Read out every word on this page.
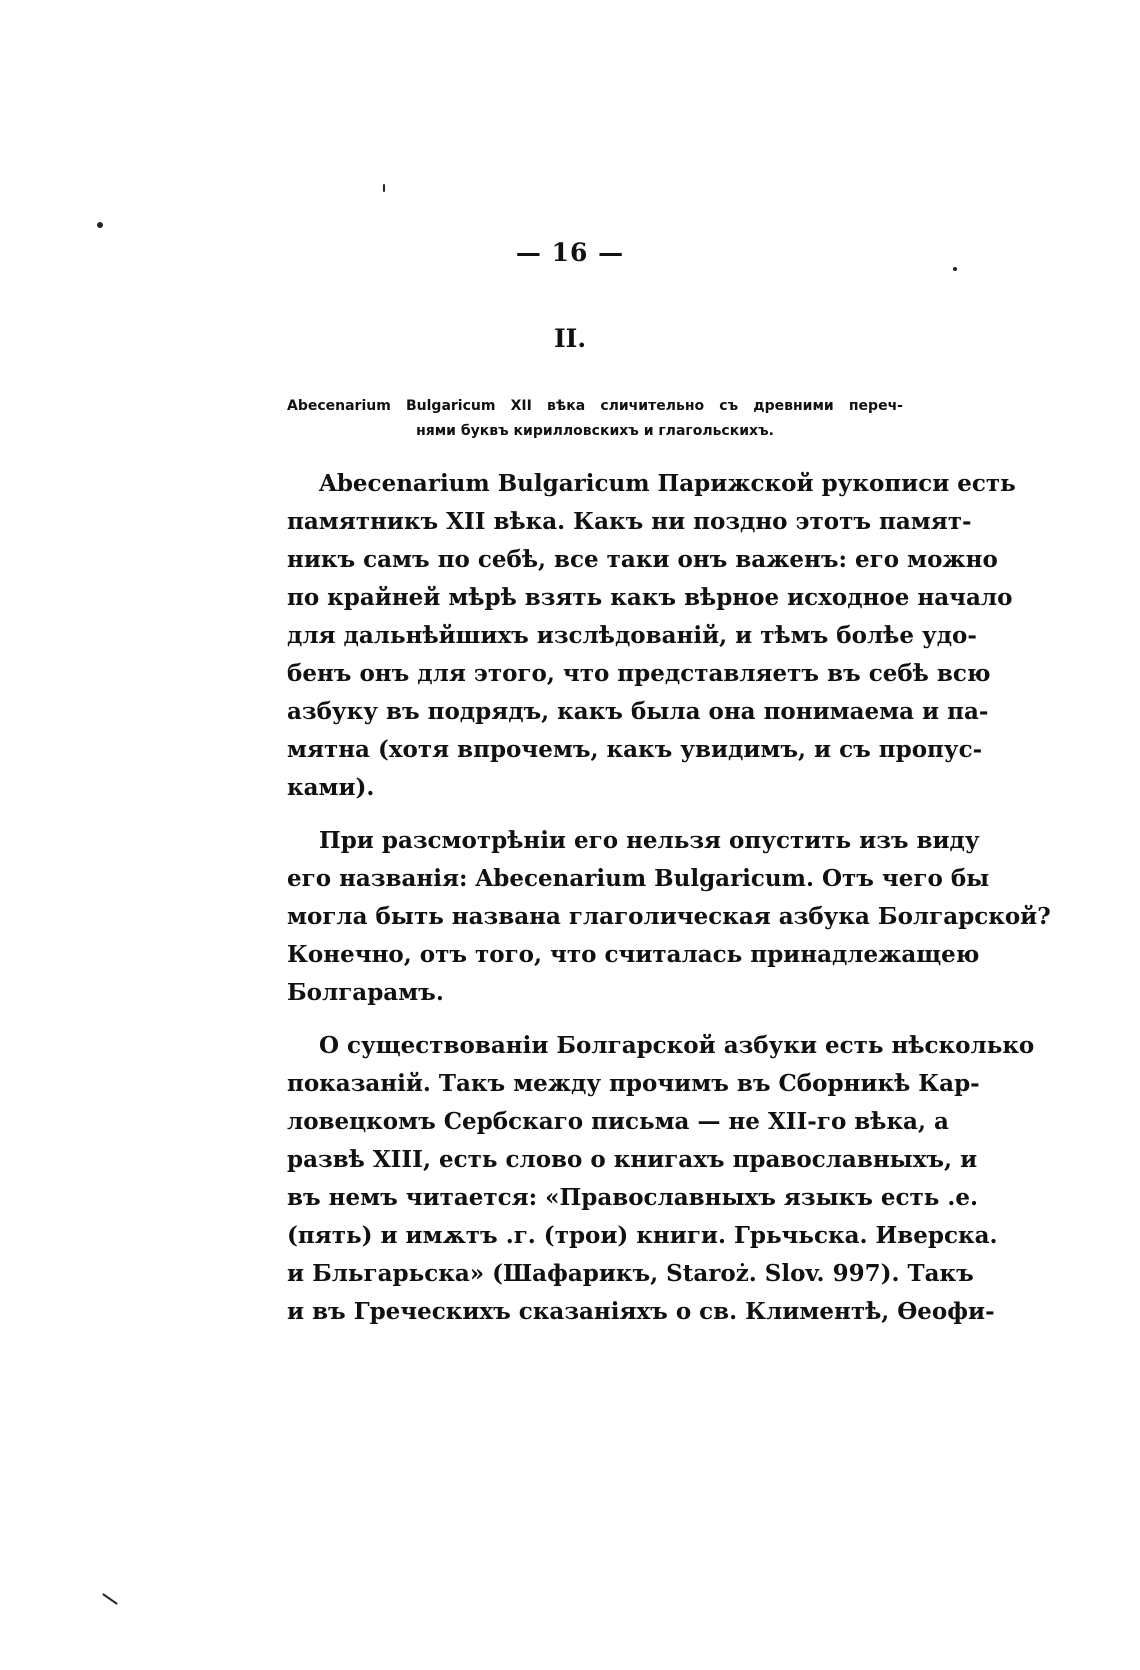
— 16 —
II.
Abecenarium Bulgaricum XII вѣка сличительно съ древними переч-
нями буквъ кирилловскихъ и глагольскихъ.
Abecenarium Bulgaricum Парижской рукописи есть
памятникъ XII вѣка. Какъ ни поздно этотъ памят-
никъ самъ по себѣ, все таки онъ важенъ: его можно
по крайней мѣрѣ взять какъ вѣрное исходное начало
для дальнѣйшихъ изслѣдованій, и тѣмъ болѣе удо-
бенъ онъ для этого, что представляетъ въ себѣ всю
азбуку въ подрядъ, какъ была она понимаема и па-
мятна (хотя впрочемъ, какъ увидимъ, и съ пропус-
ками).
При разсмотрѣніи его нельзя опустить изъ виду
его названія: Abecenarium Bulgaricum. Отъ чего бы
могла быть названа глаголическая азбука Болгарской?
Конечно, отъ того, что считалась принадлежащею
Болгарамъ.
О существованіи Болгарской азбуки есть нѣсколько
показаній. Такъ между прочимъ въ Сборникѣ Кар-
ловецкомъ Сербскаго письма — не XII-го вѣка, а
развѣ XIII, есть слово о книгахъ православныхъ, и
въ немъ читается: «Православныхъ языкъ есть .е.
(пять) и имѫтъ .г. (трои) книги. Грьчьска. Иверска.
и Бльгарьска» (Шафарикъ, Staroż. Slov. 997). Такъ
и въ Греческихъ сказаніяхъ о св. Климентѣ, Ѳеофи-
